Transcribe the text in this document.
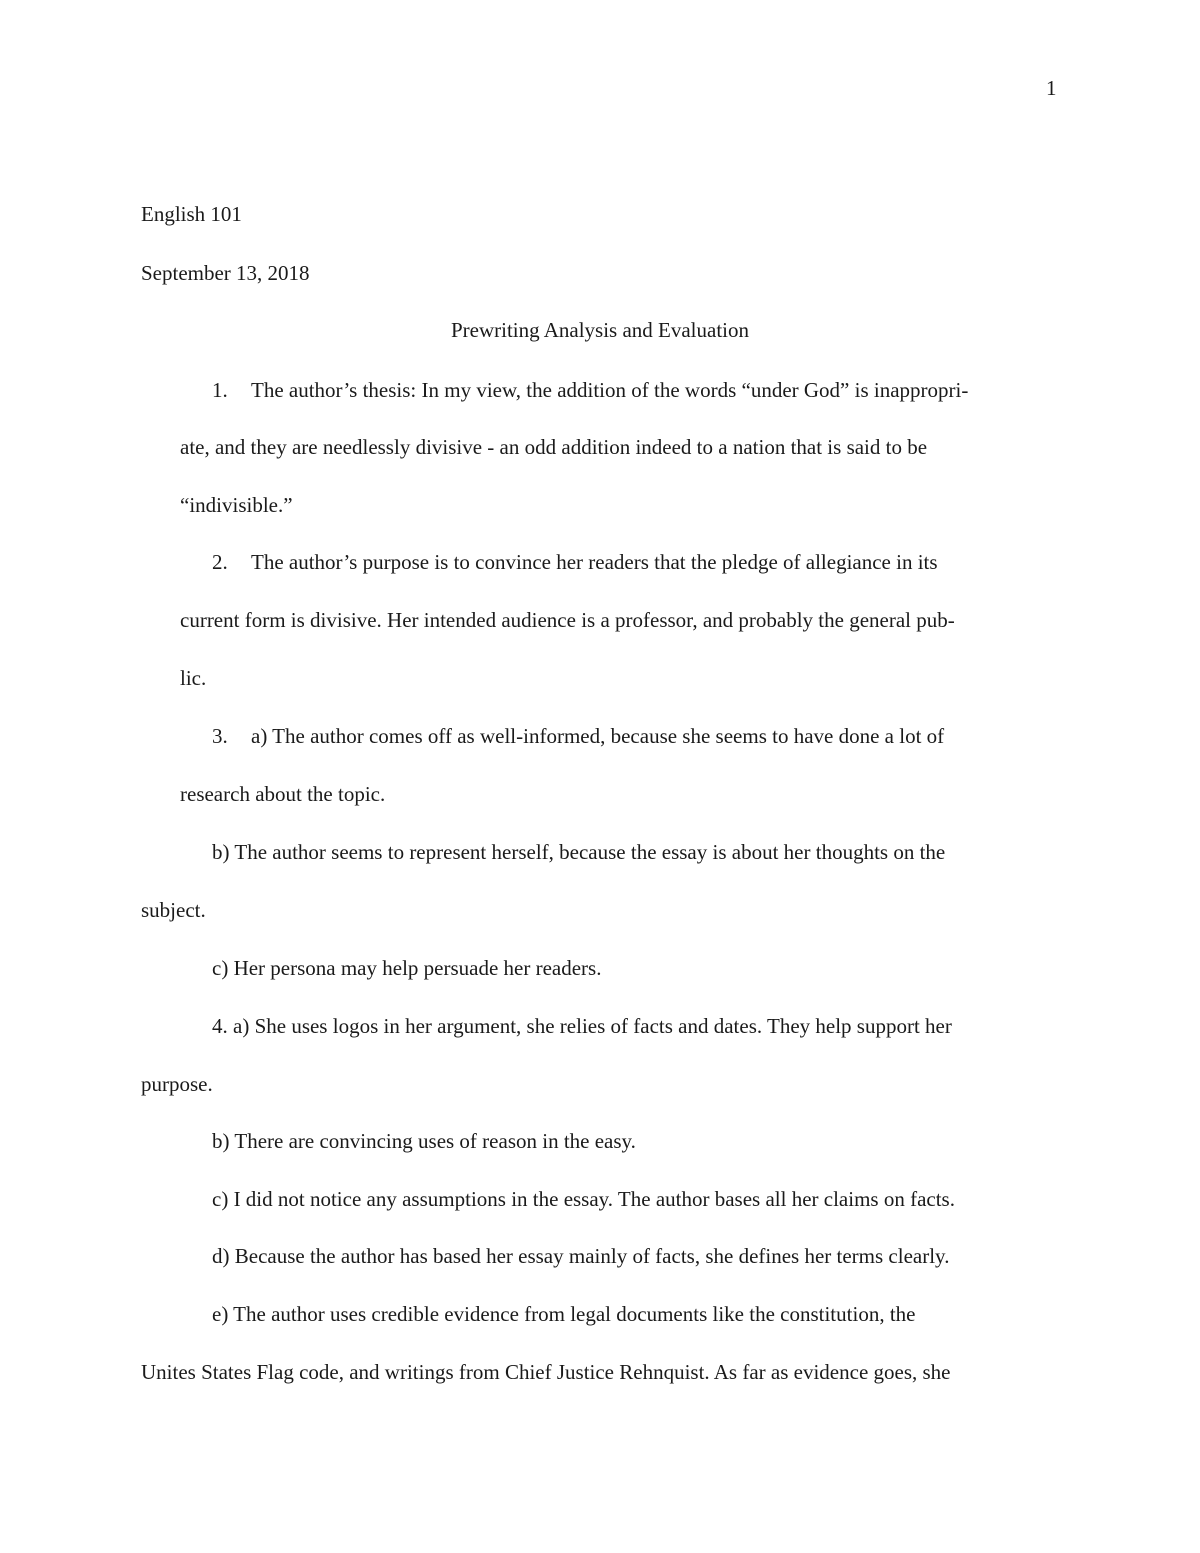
1
English 101
September 13, 2018
Prewriting Analysis and Evaluation
1. The author’s thesis: In my view, the addition of the words “under God” is inappropri-
ate, and they are needlessly divisive - an odd addition indeed to a nation that is said to be
“indivisible.”
2. The author’s purpose is to convince her readers that the pledge of allegiance in its
current form is divisive. Her intended audience is a professor, and probably the general pub-
lic.
3. a) The author comes off as well-informed, because she seems to have done a lot of
research about the topic.
b) The author seems to represent herself, because the essay is about her thoughts on the
subject.
c) Her persona may help persuade her readers.
4. a) She uses logos in her argument, she relies of facts and dates. They help support her
purpose.
b) There are convincing uses of reason in the easy.
c) I did not notice any assumptions in the essay. The author bases all her claims on facts.
d) Because the author has based her essay mainly of facts, she defines her terms clearly.
e) The author uses credible evidence from legal documents like the constitution, the
Unites States Flag code, and writings from Chief Justice Rehnquist. As far as evidence goes, she
